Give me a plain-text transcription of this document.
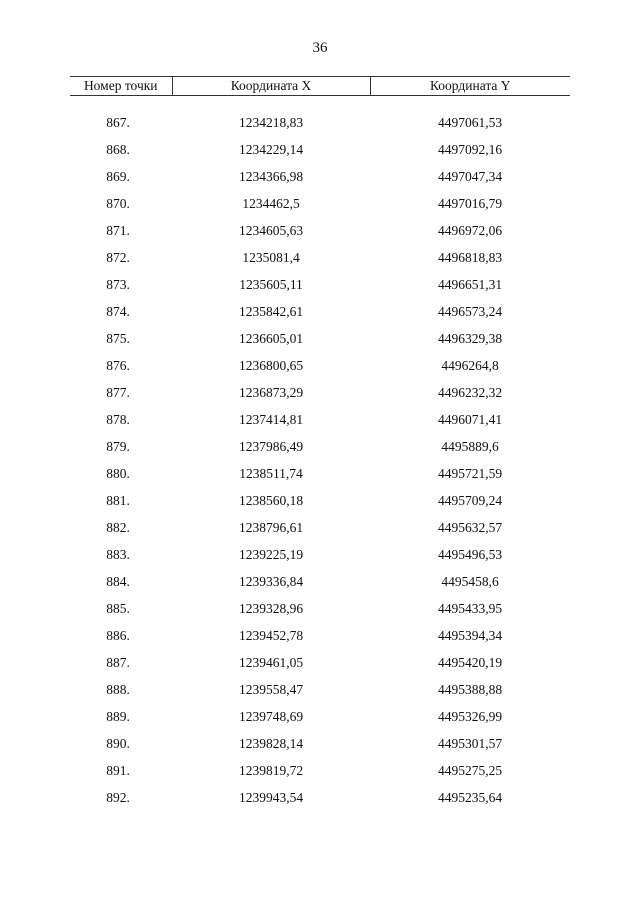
36
Номер точки	Координата X	Координата Y

867.	1234218,83	4497061,53
868.	1234229,14	4497092,16
869.	1234366,98	4497047,34
870.	1234462,5	4497016,79
871.	1234605,63	4496972,06
872.	1235081,4	4496818,83
873.	1235605,11	4496651,31
874.	1235842,61	4496573,24
875.	1236605,01	4496329,38
876.	1236800,65	4496264,8
877.	1236873,29	4496232,32
878.	1237414,81	4496071,41
879.	1237986,49	4495889,6
880.	1238511,74	4495721,59
881.	1238560,18	4495709,24
882.	1238796,61	4495632,57
883.	1239225,19	4495496,53
884.	1239336,84	4495458,6
885.	1239328,96	4495433,95
886.	1239452,78	4495394,34
887.	1239461,05	4495420,19
888.	1239558,47	4495388,88
889.	1239748,69	4495326,99
890.	1239828,14	4495301,57
891.	1239819,72	4495275,25
892.	1239943,54	4495235,64
